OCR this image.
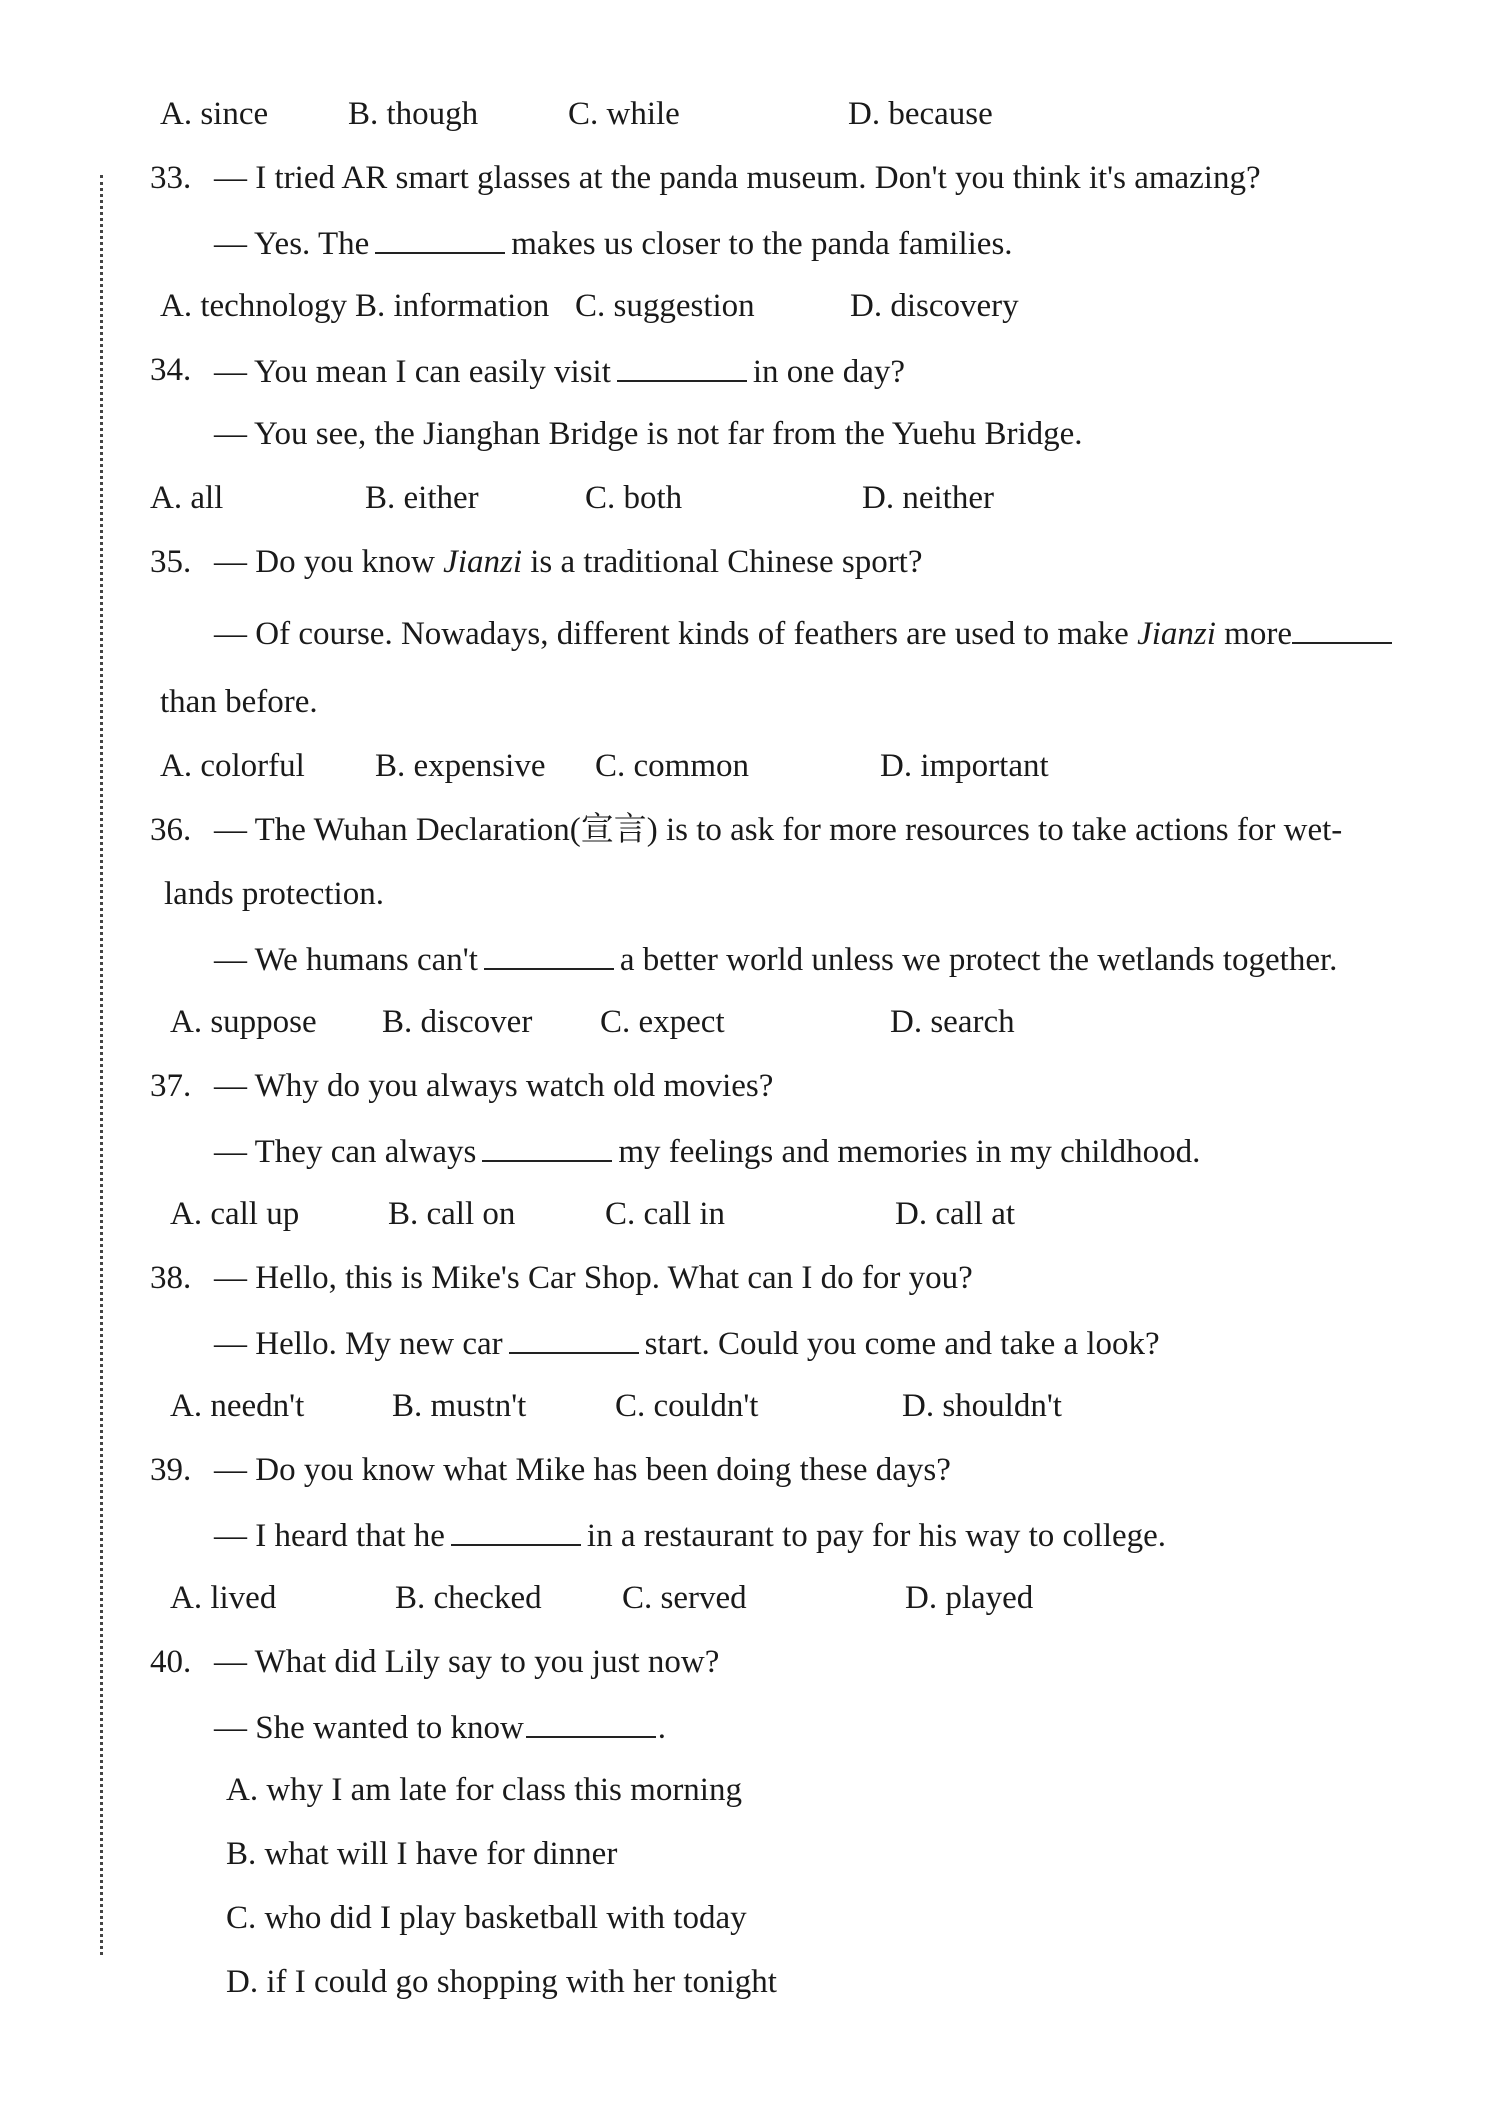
A. since B. though	C. while	D. because
33. — I tried AR smart glasses at the panda museum. Don't you think it's amazing?
— Yes. The	makes us closer to the panda families.
A. technology B. information C. suggestion	D. discovery
34. — You mean I can easily visit	in one day?
— You see, the Jianghan Bridge is not far from the Yuehu Bridge.
A. all	B. either	C. both	D. neither
35. — Do you know Jianzi is a traditional Chinese sport?
— Of course. Nowadays, different kinds of feathers are used to make Jianzi more
than before.
A. colorful B. expensive C. common	D. important
36. — The Wuhan Declaration(宣言) is to ask for more resources to take actions for wet-
lands protection.
— We humans can't	a better world unless we protect the wetlands together.
A. suppose B. discover C. expect	D. search
37. — Why do you always watch old movies?
— They can always	my feelings and memories in my childhood.
A. call up	B. call on	C. call in	D. call at
38. — Hello, this is Mike's Car Shop. What can I do for you?
— Hello. My new car	start. Could you come and take a look?
A. needn't	B. mustn't	C. couldn't	D. shouldn't
39. — Do you know what Mike has been doing these days?
— I heard that he	in a restaurant to pay for his way to college.
A. lived	B. checked C. served	D. played
40. — What did Lily say to you just now?
— She wanted to know	.
A. why I am late for class this morning
B. what will I have for dinner
C. who did I play basketball with today
D. if I could go shopping with her tonight
